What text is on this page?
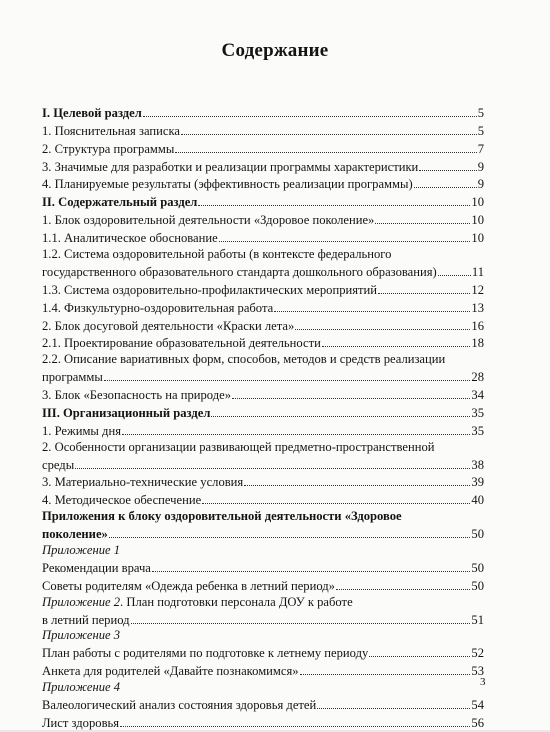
Содержание
I. Целевой раздел	5
1. Пояснительная записка	5
2. Структура программы	7
3. Значимые для разработки и реализации программы характеристики	9
4. Планируемые результаты (эффективность реализации программы)	9
II. Содержательный раздел	10
1. Блок оздоровительной деятельности «Здоровое поколение»	10
1.1. Аналитическое обоснование	10
1.2. Система оздоровительной работы (в контексте федерального
государственного образовательного стандарта дошкольного образования)	11
1.3. Система оздоровительно-профилактических мероприятий	12
1.4. Физкультурно-оздоровительная работа	13
2. Блок досуговой деятельности «Краски лета»	16
2.1. Проектирование образовательной деятельности	18
2.2. Описание вариативных форм, способов, методов и средств реализации
программы	28
3. Блок «Безопасность на природе»	34
III. Организационный раздел	35
1. Режимы дня	35
2. Особенности организации развивающей предметно-пространственной
среды	38
3. Материально-технические условия	39
4. Методическое обеспечение	40
Приложения к блоку оздоровительной деятельности «Здоровое
поколение»	50
Приложение 1
Рекомендации врача	50
Советы родителям «Одежда ребенка в летний период»	50
Приложение 2. План подготовки персонала ДОУ к работе
в летний период	51
Приложение 3
План работы с родителями по подготовке к летнему периоду	52
Анкета для родителей «Давайте познакомимся»	53
Приложение 4
Валеологический анализ состояния здоровья детей	54
Лист здоровья	56
3
